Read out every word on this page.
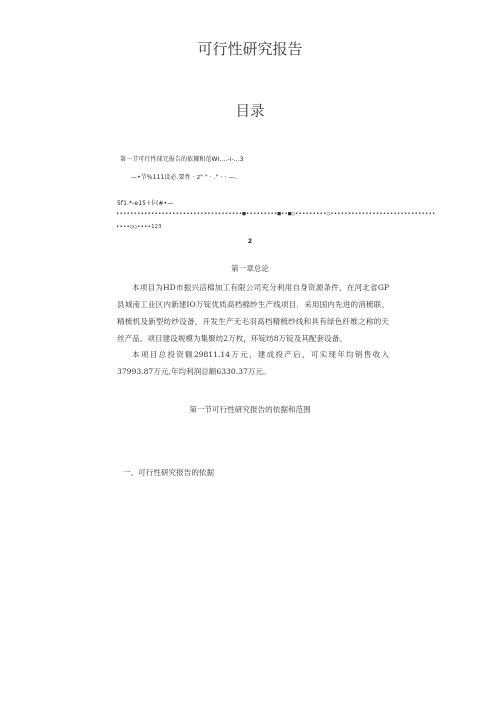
可行性研究报告
目录
第一节可行性球冗报告的依據和范WI....-i-...3
—•节%111设必.要性 · z" " · ." · · —.
5f1.*-e15 Ⅰ卡(#•—
••••••••••••••••••••••••••••••••••••■•••••••••■••■○•••••••••○••••••••••••••••••••••••••••••
••••○○••••123
2
第一章总论

本项目为HD市振兴涪棉加工有限公司充分利用自身资源条件，在河北省GP县城南工业区内新建IO万锭优质高档棉纱生产线项目．采用国内先进的消梳联、精梳机及新型纺纱设备，开发生产无毛羽高档精梳纱线和具有绿色纤维之称的天丝产品。项目建设规模为集聚纺2万枚，环锭纺8万锭及其配套设备。

本项目总投资额29811.14万元，建成投产后，可实现年均销售收入37993.87万元,年均利润总额6330.37万元。

第一节可行性研究报告的依据和范围
一、可行性研究报告的依据
